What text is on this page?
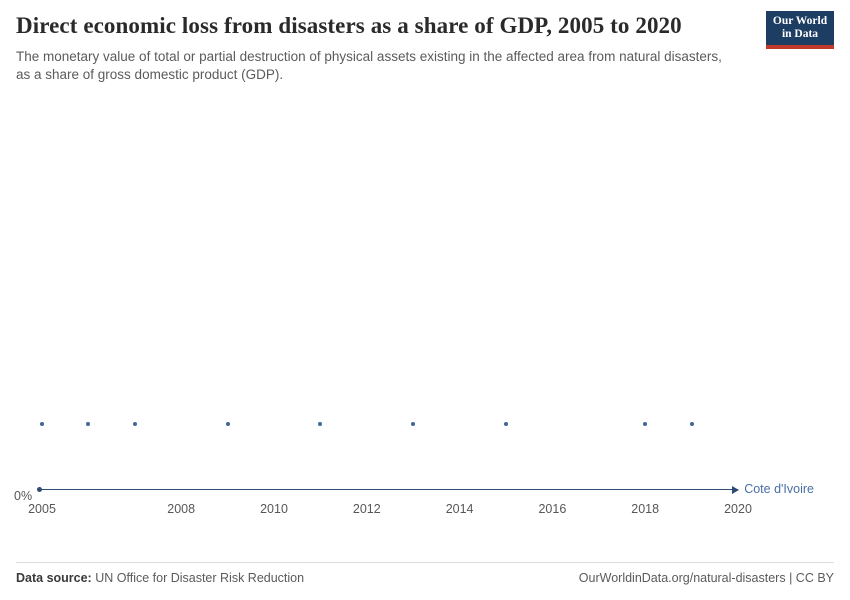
Direct economic loss from disasters as a share of GDP, 2005 to 2020
The monetary value of total or partial destruction of physical assets existing in the affected area from natural disasters, as a share of gross domestic product (GDP).
Our World
in Data
0%	Cote d'Ivoire
2005	2008	2010	2012	2014	2016	2018	2020
Data source: UN Office for Disaster Risk Reduction	OurWorldinData.org/natural-disasters | CC BY
